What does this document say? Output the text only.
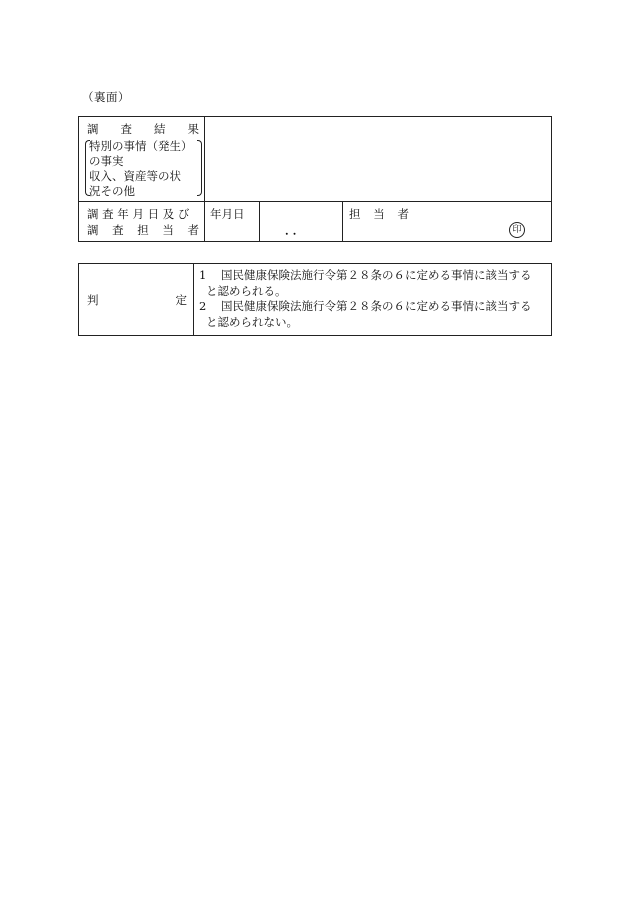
（裏面）
調 査 結 果
特別の事情（発生）
の事実
収入、資産等の状
況その他
調 査 年 月 日 及 び
調 査 担 当 者
年月日
．．
担 当 者
印
判	定
1 国民健康保険法施行令第２８条の６に定める事情に該当する
と認められる。
2 国民健康保険法施行令第２８条の６に定める事情に該当する
と認められない。
